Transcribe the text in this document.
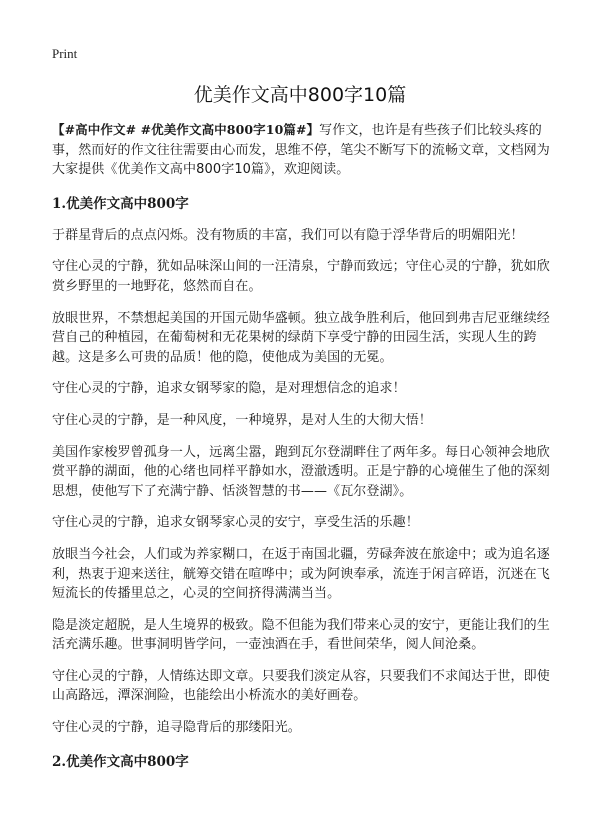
Print
优美作文高中800字10篇

【#高中作文# #优美作文高中800字10篇#】写作文，也许是有些孩子们比较头疼的事，然而好的作文往往需要由心而发，思维不停，笔尖不断写下的流畅文章，文档网为大家提供《优美作文高中800字10篇》，欢迎阅读。

1.优美作文高中800字

于群星背后的点点闪烁。没有物质的丰富，我们可以有隐于浮华背后的明媚阳光！

守住心灵的宁静，犹如品味深山间的一汪清泉，宁静而致远；守住心灵的宁静，犹如欣赏乡野里的一地野花，悠然而自在。

放眼世界，不禁想起美国的开国元勋华盛顿。独立战争胜利后，他回到弗吉尼亚继续经营自己的种植园，在葡萄树和无花果树的绿荫下享受宁静的田园生活，实现人生的跨越。这是多么可贵的品质！他的隐，使他成为美国的无冕。

守住心灵的宁静，追求女钢琴家的隐，是对理想信念的追求！

守住心灵的宁静，是一种风度，一种境界，是对人生的大彻大悟！

美国作家梭罗曾孤身一人，远离尘嚣，跑到瓦尔登湖畔住了两年多。每日心领神会地欣赏平静的湖面，他的心绪也同样平静如水，澄澈透明。正是宁静的心境催生了他的深刻思想，使他写下了充满宁静、恬淡智慧的书——《瓦尔登湖》。

守住心灵的宁静，追求女钢琴家心灵的安宁，享受生活的乐趣！

放眼当今社会，人们或为养家糊口，在返于南国北疆，劳碌奔波在旅途中；或为追名逐利，热衷于迎来送往，觥筹交错在喧哗中；或为阿谀奉承，流连于闲言碎语，沉迷在飞短流长的传播里总之，心灵的空间挤得满满当当。

隐是淡定超脱，是人生境界的极致。隐不但能为我们带来心灵的安宁，更能让我们的生活充满乐趣。世事洞明皆学问，一壶浊酒在手，看世间荣华，阅人间沧桑。

守住心灵的宁静，人情练达即文章。只要我们淡定从容，只要我们不求闻达于世，即使山高路远，潭深涧险，也能绘出小桥流水的美好画卷。

守住心灵的宁静，追寻隐背后的那缕阳光。

2.优美作文高中800字
